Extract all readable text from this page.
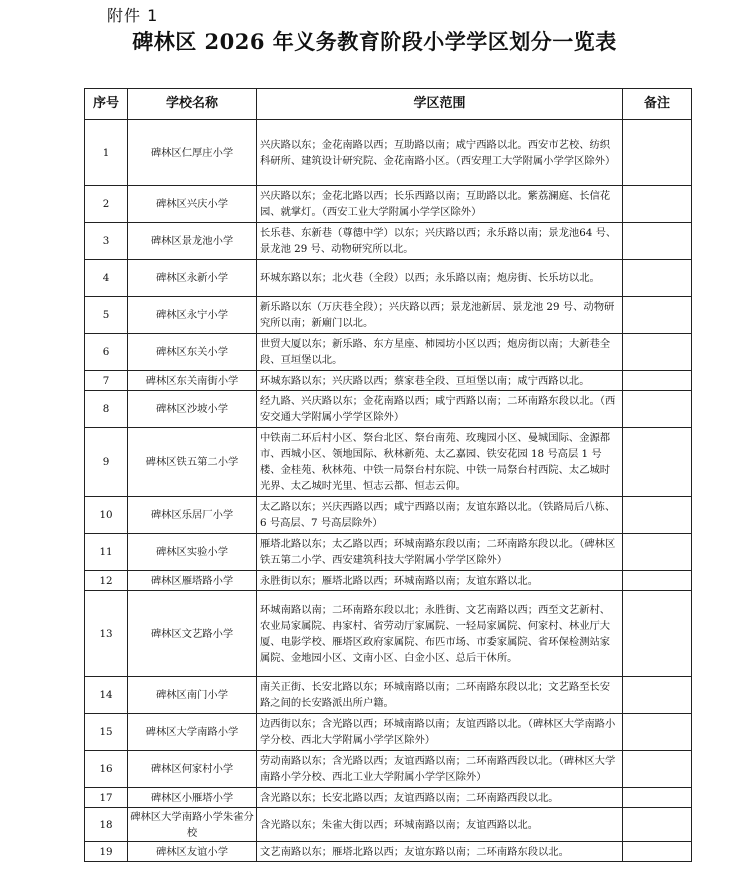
附件 1
碑林区 2026 年义务教育阶段小学学区划分一览表
序号	学校名称	学区范围	备注
1	碑林区仁厚庄小学	兴庆路以东；金花南路以西；互助路以南；咸宁西路以北。西安市艺校、纺织科研所、建筑设计研究院、金花南路小区。（西安理工大学附属小学学区除外）	
2	碑林区兴庆小学	兴庆路以东；金花北路以西；长乐西路以南；互助路以北。紫荔澜庭、长信花园、就掌灯。（西安工业大学附属小学学区除外）	
3	碑林区景龙池小学	长乐巷、东新巷（尊德中学）以东；兴庆路以西；永乐路以南；景龙池64 号、景龙池 29 号、动物研究所以北。	
4	碑林区永新小学	环城东路以东；北火巷（全段）以西；永乐路以南；炮房街、长乐坊以北。	
5	碑林区永宁小学	新乐路以东（万庆巷全段）；兴庆路以西；景龙池新居、景龙池 29 号、动物研究所以南；新廟门以北。	
6	碑林区东关小学	世贸大厦以东；新乐路、东方星座、柿园坊小区以西；炮房街以南；大新巷全段、亘垣堡以北。	
7	碑林区东关南街小学	环城东路以东；兴庆路以西；蔡家巷全段、亘垣堡以南；咸宁西路以北。	
8	碑林区沙坡小学	经九路、兴庆路以东；金花南路以西；咸宁西路以南；二环南路东段以北。（西安交通大学附属小学学区除外）	
9	碑林区铁五第二小学	中铁南二环后村小区、祭台北区、祭台南苑、玫瑰园小区、曼城国际、金源都市、西城小区、领地国际、秋林新苑、太乙嘉园、铁安花园 18 号高层 1 号楼、金桂苑、秋林苑、中铁一局祭台村东院、中铁一局祭台村西院、太乙城时光界、太乙城时光里、恒志云都、恒志云仰。	
10	碑林区乐居厂小学	太乙路以东；兴庆西路以西；咸宁西路以南；友谊东路以北。（铁路局后八栋、6 号高层、7 号高层除外）	
11	碑林区实验小学	雁塔北路以东；太乙路以西；环城南路东段以南；二环南路东段以北。（碑林区铁五第二小学、西安建筑科技大学附属小学学区除外）	
12	碑林区雁塔路小学	永胜街以东；雁塔北路以西；环城南路以南；友谊东路以北。	
13	碑林区文艺路小学	环城南路以南；二环南路东段以北；永胜街、文艺南路以西；西至文艺新村、农业局家属院、冉家村、省劳动厅家属院、一轻局家属院、何家村、林业厅大厦、电影学校、雁塔区政府家属院、布匹市场、市委家属院、省环保检测站家属院、金地园小区、文南小区、白金小区、总后干休所。	
14	碑林区南门小学	南关正街、长安北路以东；环城南路以南；二环南路东段以北；文艺路至长安路之间的长安路派出所户籍。	
15	碑林区大学南路小学	边西街以东；含光路以西；环城南路以南；友谊西路以北。（碑林区大学南路小学分校、西北大学附属小学学区除外）	
16	碑林区何家村小学	劳动南路以东；含光路以西；友谊西路以南；二环南路西段以北。（碑林区大学南路小学分校、西北工业大学附属小学学区除外）	
17	碑林区小雁塔小学	含光路以东；长安北路以西；友谊西路以南；二环南路西段以北。	
18	碑林区大学南路小学朱雀分校	含光路以东；朱雀大街以西；环城南路以南；友谊西路以北。	
19	碑林区友谊小学	文艺南路以东；雁塔北路以西；友谊东路以南；二环南路东段以北。	
